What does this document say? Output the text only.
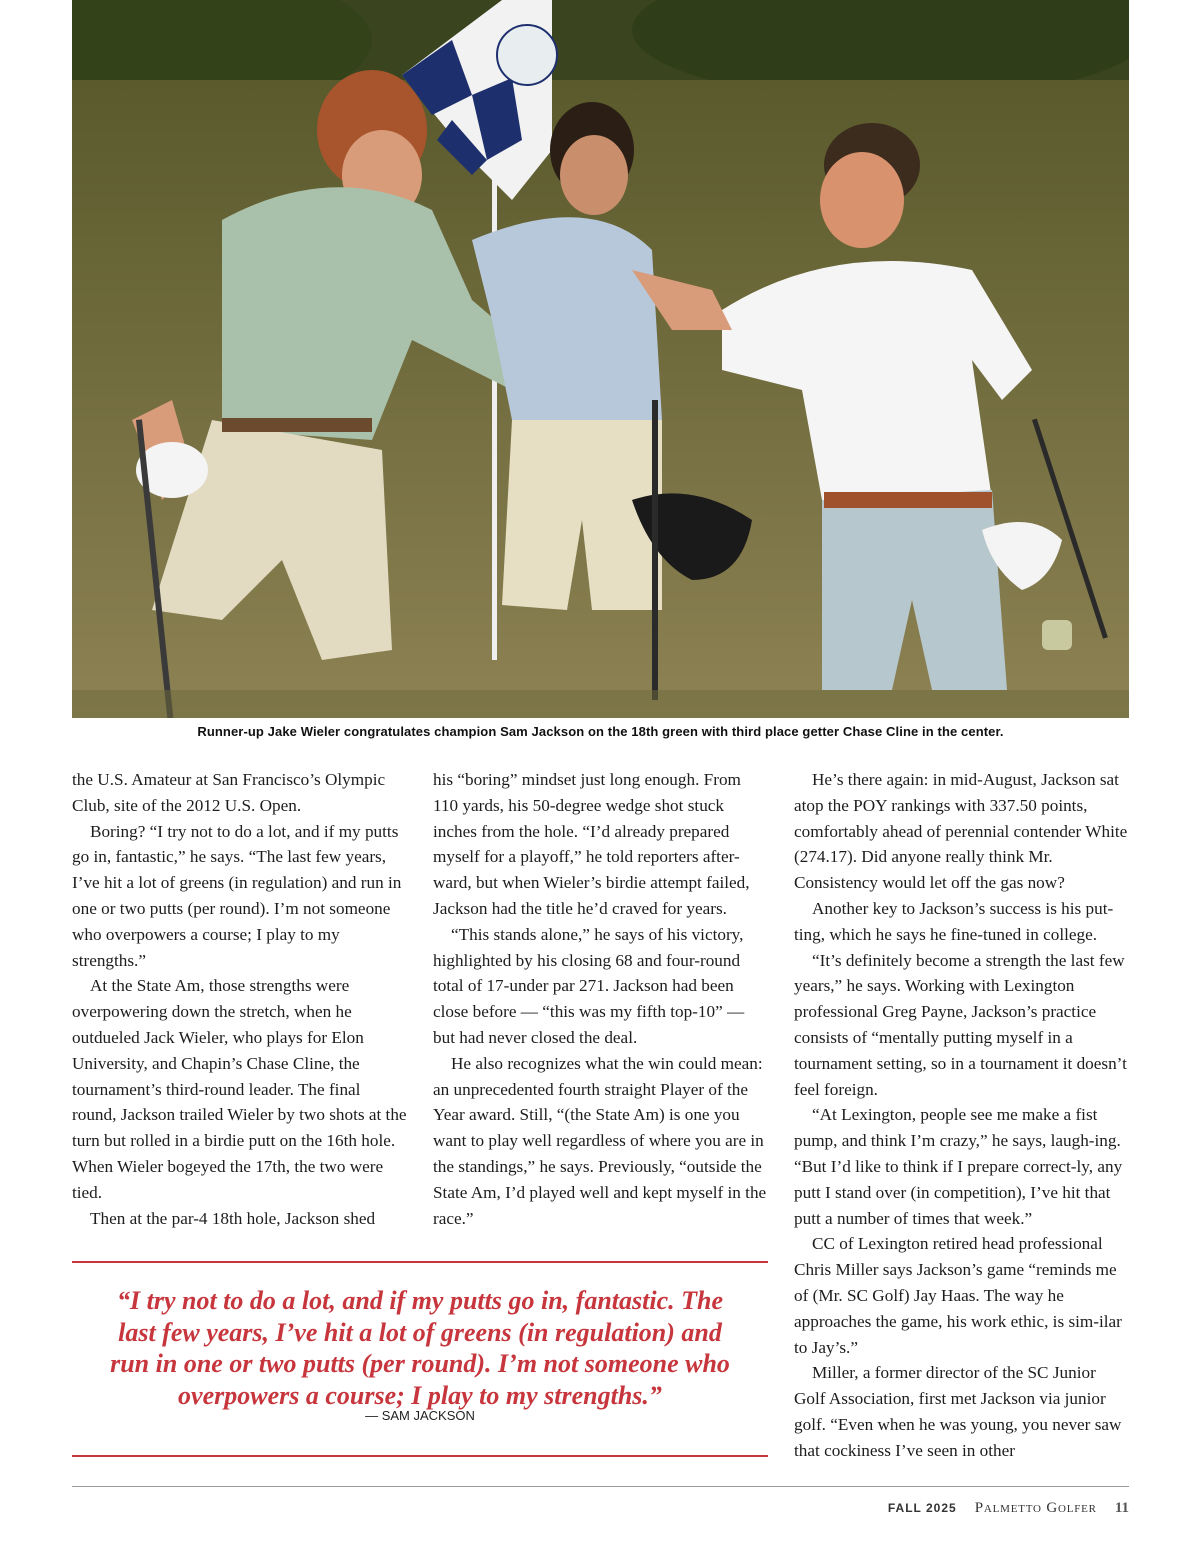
Runner-up Jake Wieler congratulates champion Sam Jackson on the 18th green with third place getter Chase Cline in the center.

the U.S. Amateur at San Francisco’s Olympic Club, site of the 2012 U.S. Open.

Boring? “I try not to do a lot, and if my putts go in, fantastic,” he says. “The last few years, I’ve hit a lot of greens (in regulation) and run in one or two putts (per round). I’m not someone who overpowers a course; I play to my strengths.”

At the State Am, those strengths were overpowering down the stretch, when he outdueled Jack Wieler, who plays for Elon University, and Chapin’s Chase Cline, the tournament’s third-round leader. The final round, Jackson trailed Wieler by two shots at the turn but rolled in a birdie putt on the 16th hole. When Wieler bogeyed the 17th, the two were tied.

Then at the par-4 18th hole, Jackson shed

his “boring” mindset just long enough. From 110 yards, his 50-degree wedge shot stuck inches from the hole. “I’d already prepared myself for a playoff,” he told reporters after-ward, but when Wieler’s birdie attempt failed, Jackson had the title he’d craved for years.

“This stands alone,” he says of his victory, highlighted by his closing 68 and four-round total of 17-under par 271. Jackson had been close before — “this was my fifth top-10” — but had never closed the deal.

He also recognizes what the win could mean: an unprecedented fourth straight Player of the Year award. Still, “(the State Am) is one you want to play well regardless of where you are in the standings,” he says. Previously, “outside the State Am, I’d played well and kept myself in the race.”

He’s there again: in mid-August, Jackson sat atop the POY rankings with 337.50 points, comfortably ahead of perennial contender White (274.17). Did anyone really think Mr. Consistency would let off the gas now?

Another key to Jackson’s success is his put-ting, which he says he fine-tuned in college.

“It’s definitely become a strength the last few years,” he says. Working with Lexington professional Greg Payne, Jackson’s practice consists of “mentally putting myself in a tournament setting, so in a tournament it doesn’t feel foreign.

“At Lexington, people see me make a fist pump, and think I’m crazy,” he says, laugh-ing. “But I’d like to think if I prepare correct-ly, any putt I stand over (in competition), I’ve hit that putt a number of times that week.”

CC of Lexington retired head professional Chris Miller says Jackson’s game “reminds me of (Mr. SC Golf) Jay Haas. The way he approaches the game, his work ethic, is sim-ilar to Jay’s.”

Miller, a former director of the SC Junior Golf Association, first met Jackson via junior golf. “Even when he was young, you never saw that cockiness I’ve seen in other

“I try not to do a lot, and if my putts go in, fantastic. The last few years, I’ve hit a lot of greens (in regulation) and run in one or two putts (per round). I’m not someone who overpowers a course; I play to my strengths.”
— SAM JACKSON
FALL 2025 Palmetto Golfer 11
